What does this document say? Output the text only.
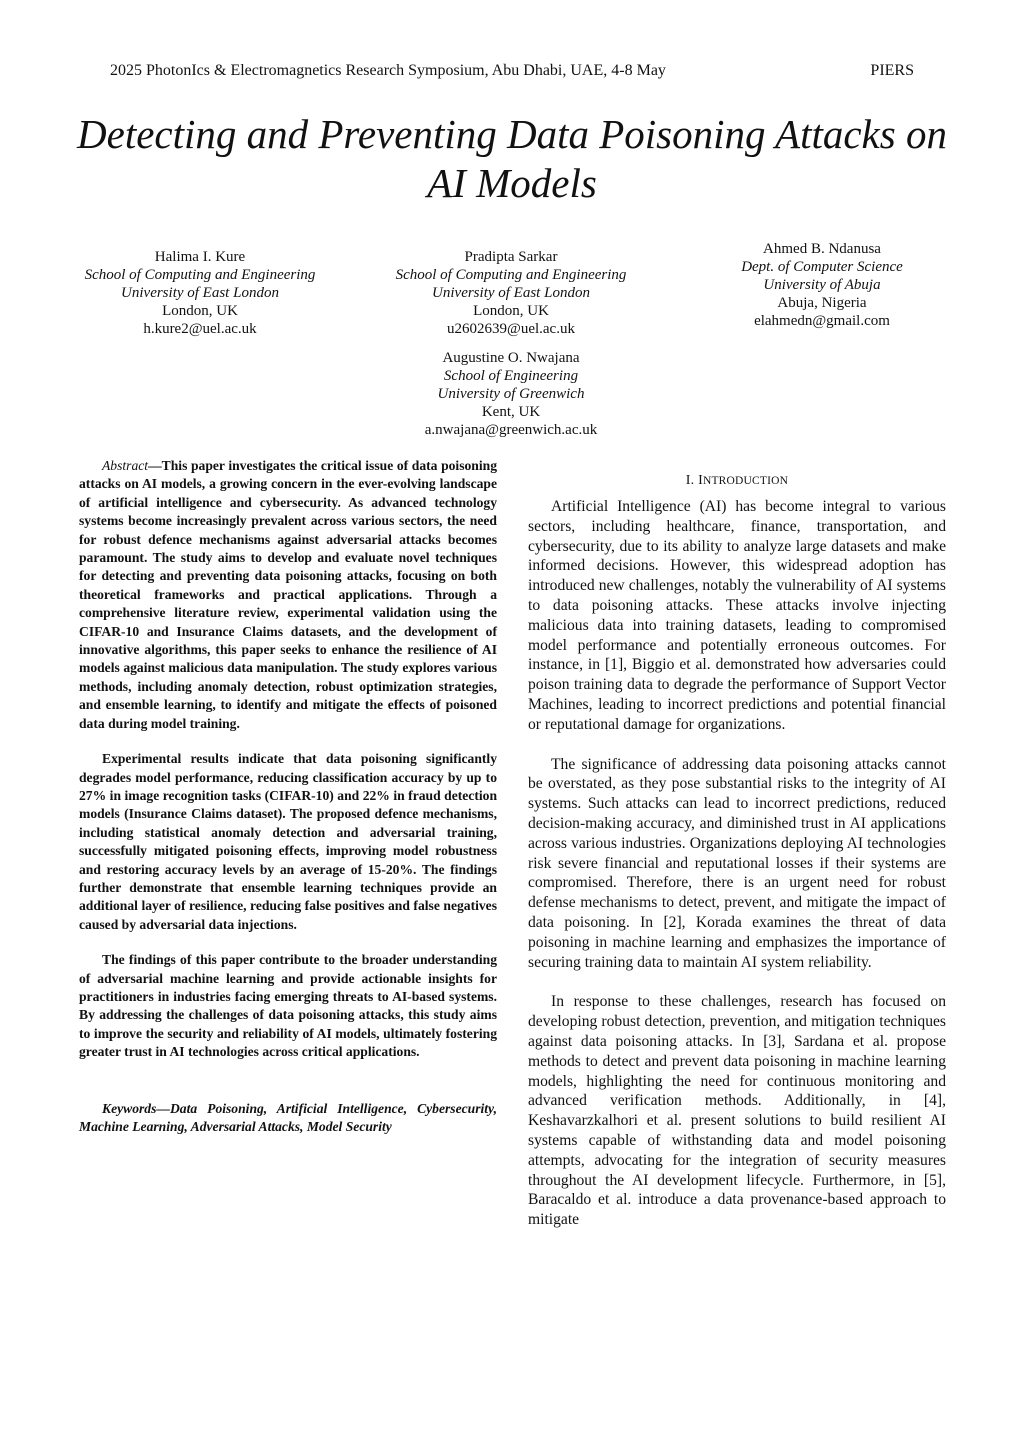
2025 PhotonIcs & Electromagnetics Research Symposium, Abu Dhabi, UAE, 4-8 May	PIERS
Detecting and Preventing Data Poisoning Attacks on AI Models
Halima I. Kure
School of Computing and Engineering
University of East London
London, UK
h.kure2@uel.ac.uk
Pradipta Sarkar
School of Computing and Engineering
University of East London
London, UK
u2602639@uel.ac.uk
Ahmed B. Ndanusa
Dept. of Computer Science
University of Abuja
Abuja, Nigeria
elahmedn@gmail.com
Augustine O. Nwajana
School of Engineering
University of Greenwich
Kent, UK
a.nwajana@greenwich.ac.uk

Abstract—This paper investigates the critical issue of data poisoning attacks on AI models, a growing concern in the ever-evolving landscape of artificial intelligence and cybersecurity. As advanced technology systems become increasingly prevalent across various sectors, the need for robust defence mechanisms against adversarial attacks becomes paramount. The study aims to develop and evaluate novel techniques for detecting and preventing data poisoning attacks, focusing on both theoretical frameworks and practical applications. Through a comprehensive literature review, experimental validation using the CIFAR-10 and Insurance Claims datasets, and the development of innovative algorithms, this paper seeks to enhance the resilience of AI models against malicious data manipulation. The study explores various methods, including anomaly detection, robust optimization strategies, and ensemble learning, to identify and mitigate the effects of poisoned data during model training.

Experimental results indicate that data poisoning significantly degrades model performance, reducing classification accuracy by up to 27% in image recognition tasks (CIFAR-10) and 22% in fraud detection models (Insurance Claims dataset). The proposed defence mechanisms, including statistical anomaly detection and adversarial training, successfully mitigated poisoning effects, improving model robustness and restoring accuracy levels by an average of 15-20%. The findings further demonstrate that ensemble learning techniques provide an additional layer of resilience, reducing false positives and false negatives caused by adversarial data injections.

The findings of this paper contribute to the broader understanding of adversarial machine learning and provide actionable insights for practitioners in industries facing emerging threats to AI-based systems. By addressing the challenges of data poisoning attacks, this study aims to improve the security and reliability of AI models, ultimately fostering greater trust in AI technologies across critical applications.

Keywords—Data Poisoning, Artificial Intelligence, Cybersecurity, Machine Learning, Adversarial Attacks, Model Security
I. INTRODUCTION

Artificial Intelligence (AI) has become integral to various sectors, including healthcare, finance, transportation, and cybersecurity, due to its ability to analyze large datasets and make informed decisions. However, this widespread adoption has introduced new challenges, notably the vulnerability of AI systems to data poisoning attacks. These attacks involve injecting malicious data into training datasets, leading to compromised model performance and potentially erroneous outcomes. For instance, in [1], Biggio et al. demonstrated how adversaries could poison training data to degrade the performance of Support Vector Machines, leading to incorrect predictions and potential financial or reputational damage for organizations.

The significance of addressing data poisoning attacks cannot be overstated, as they pose substantial risks to the integrity of AI systems. Such attacks can lead to incorrect predictions, reduced decision-making accuracy, and diminished trust in AI applications across various industries. Organizations deploying AI technologies risk severe financial and reputational losses if their systems are compromised. Therefore, there is an urgent need for robust defense mechanisms to detect, prevent, and mitigate the impact of data poisoning. In [2], Korada examines the threat of data poisoning in machine learning and emphasizes the importance of securing training data to maintain AI system reliability.

In response to these challenges, research has focused on developing robust detection, prevention, and mitigation techniques against data poisoning attacks. In [3], Sardana et al. propose methods to detect and prevent data poisoning in machine learning models, highlighting the need for continuous monitoring and advanced verification methods. Additionally, in [4], Keshavarzkalhori et al. present solutions to build resilient AI systems capable of withstanding data and model poisoning attempts, advocating for the integration of security measures throughout the AI development lifecycle. Furthermore, in [5], Baracaldo et al. introduce a data provenance-based approach to mitigate
